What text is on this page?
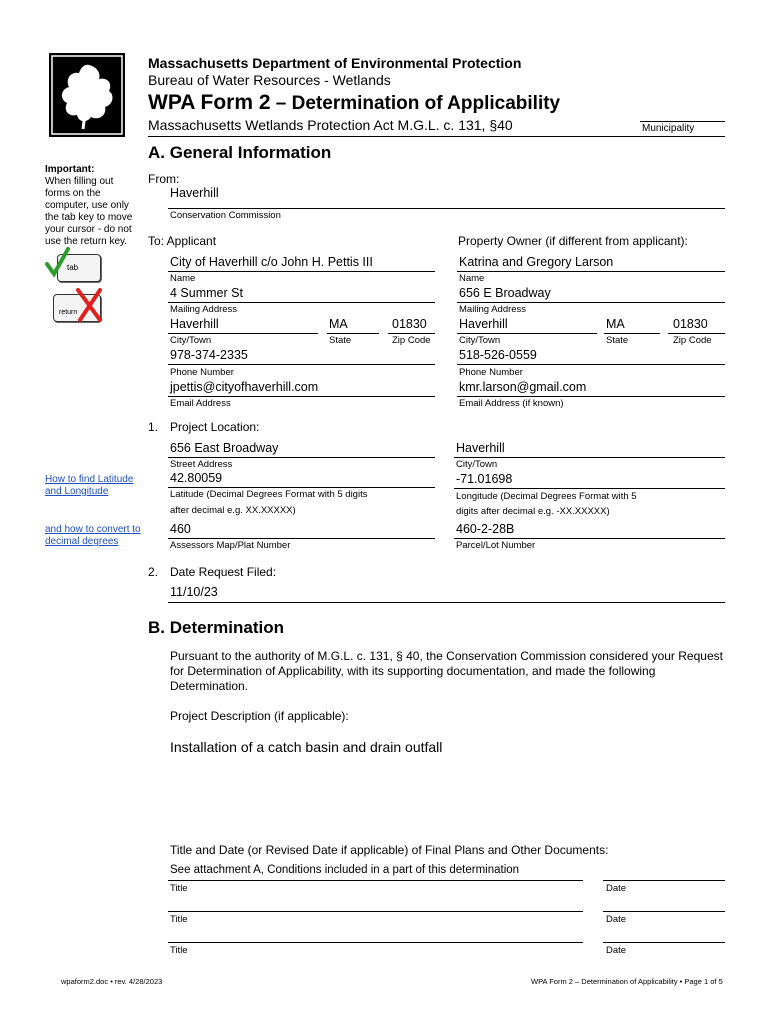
Massachusetts Department of Environmental Protection
Bureau of Water Resources - Wetlands
WPA Form 2 – Determination of Applicability
Massachusetts Wetlands Protection Act M.G.L. c. 131, §40	Municipality
A. General Information
Important:
When filling out forms on the computer, use only the tab key to move your cursor - do not use the return key.
tab
return
How to find Latitude and Longitude
and how to convert to decimal degrees
From:
Haverhill
Conservation Commission
To: Applicant	Property Owner (if different from applicant):
City of Haverhill c/o John H. Pettis III
Name
4 Summer St
Mailing Address
Haverhill	MA	01830
City/Town	State	Zip Code
978-374-2335
Phone Number
jpettis@cityofhaverhill.com
Email Address
Katrina and Gregory Larson
Name
656 E Broadway
Mailing Address
Haverhill	MA	01830
City/Town	State	Zip Code
518-526-0559
Phone Number
kmr.larson@gmail.com
Email Address (if known)
1. Project Location:
656 East Broadway
Street Address
Haverhill
City/Town
42.80059
Latitude (Decimal Degrees Format with 5 digits
after decimal e.g. XX.XXXXX)
-71.01698
Longitude (Decimal Degrees Format with 5
digits after decimal e.g. -XX.XXXXX)
460
Assessors Map/Plat Number
460-2-28B
Parcel/Lot Number
2. Date Request Filed:
11/10/23
B. Determination
Pursuant to the authority of M.G.L. c. 131, § 40, the Conservation Commission considered your Request for Determination of Applicability, with its supporting documentation, and made the following Determination.
Project Description (if applicable):
Installation of a catch basin and drain outfall
Title and Date (or Revised Date if applicable) of Final Plans and Other Documents:
See attachment A, Conditions included in a part of this determination
Title	Date
Title	Date
Title	Date
wpaform2.doc • rev. 4/28/2023	WPA Form 2 – Determination of Applicability • Page 1 of 5
